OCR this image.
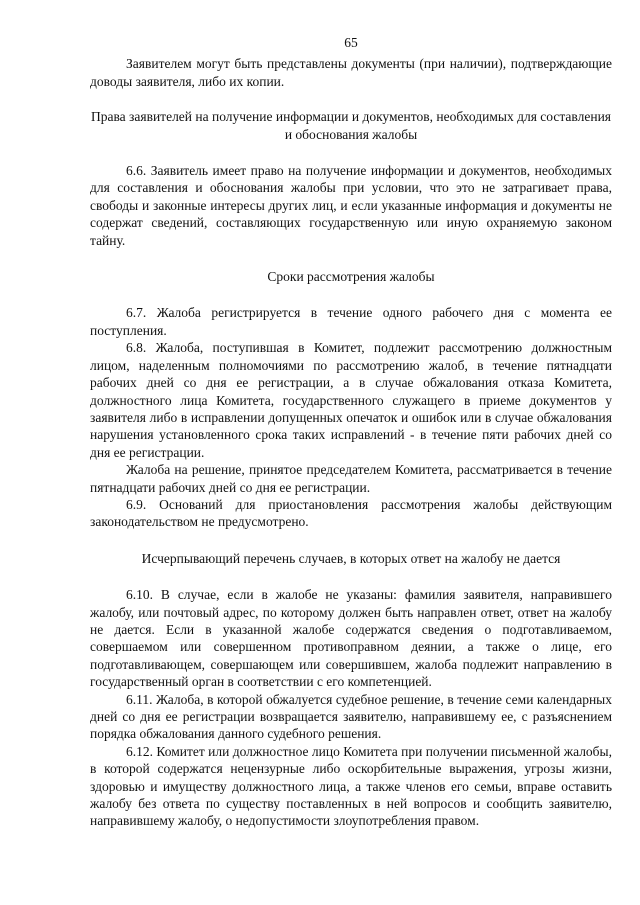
65

Заявителем могут быть представлены документы (при наличии), подтверждающие доводы заявителя, либо их копии.

Права заявителей на получение информации и документов, необходимых для составления и обоснования жалобы

6.6. Заявитель имеет право на получение информации и документов, необходимых для составления и обоснования жалобы при условии, что это не затрагивает права, свободы и законные интересы других лиц, и если указанные информация и документы не содержат сведений, составляющих государственную или иную охраняемую законом тайну.

Сроки рассмотрения жалобы

6.7. Жалоба регистрируется в течение одного рабочего дня с момента ее поступления.

6.8. Жалоба, поступившая в Комитет, подлежит рассмотрению должностным лицом, наделенным полномочиями по рассмотрению жалоб, в течение пятнадцати рабочих дней со дня ее регистрации, а в случае обжалования отказа Комитета, должностного лица Комитета, государственного служащего в приеме документов у заявителя либо в исправлении допущенных опечаток и ошибок или в случае обжалования нарушения установленного срока таких исправлений - в течение пяти рабочих дней со дня ее регистрации.

Жалоба на решение, принятое председателем Комитета, рассматривается в течение пятнадцати рабочих дней со дня ее регистрации.

6.9. Оснований для приостановления рассмотрения жалобы действующим законодательством не предусмотрено.

Исчерпывающий перечень случаев, в которых ответ на жалобу не дается

6.10. В случае, если в жалобе не указаны: фамилия заявителя, направившего жалобу, или почтовый адрес, по которому должен быть направлен ответ, ответ на жалобу не дается. Если в указанной жалобе содержатся сведения о подготавливаемом, совершаемом или совершенном противоправном деянии, а также о лице, его подготавливающем, совершающем или совершившем, жалоба подлежит направлению в государственный орган в соответствии с его компетенцией.

6.11. Жалоба, в которой обжалуется судебное решение, в течение семи календарных дней со дня ее регистрации возвращается заявителю, направившему ее, с разъяснением порядка обжалования данного судебного решения.

6.12. Комитет или должностное лицо Комитета при получении письменной жалобы, в которой содержатся нецензурные либо оскорбительные выражения, угрозы жизни, здоровью и имуществу должностного лица, а также членов его семьи, вправе оставить жалобу без ответа по существу поставленных в ней вопросов и сообщить заявителю, направившему жалобу, о недопустимости злоупотребления правом.
